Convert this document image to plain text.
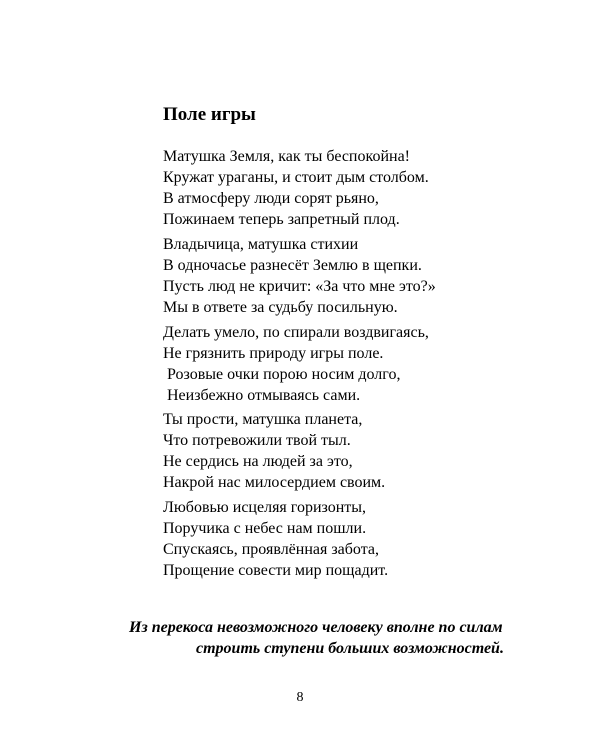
Поле игры
Матушка Земля, как ты беспокойна!
Кружат ураганы, и стоит дым столбом.
В атмосферу люди сорят рьяно,
Пожинаем теперь запретный плод.
Владычица, матушка стихии
В одночасье разнесёт Землю в щепки.
Пусть люд не кричит: «За что мне это?»
Мы в ответе за судьбу посильную.
Делать умело, по спирали воздвигаясь,
Не грязнить природу игры поле.
Розовые очки порою носим долго,
Неизбежно отмываясь сами.
Ты прости, матушка планета,
Что потревожили твой тыл.
Не сердись на людей за это,
Накрой нас милосердием своим.
Любовью исцеляя горизонты,
Поручика с небес нам пошли.
Спускаясь, проявлённая забота,
Прощение совести мир пощадит.
Из перекоса невозможного человеку вполне по силам
строить ступени больших возможностей.
8
